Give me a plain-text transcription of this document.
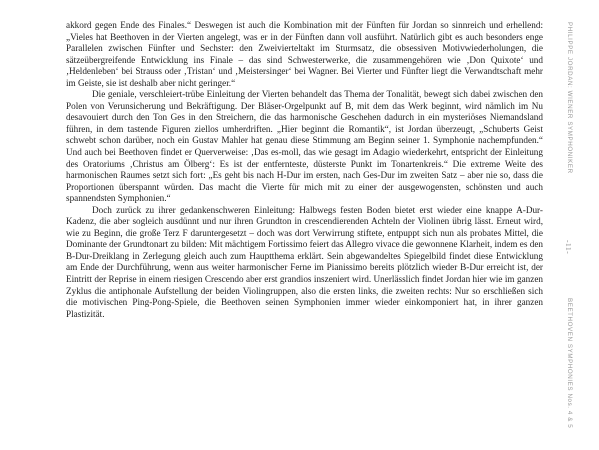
akkord gegen Ende des Finales.“ Deswegen ist auch die Kombination mit der Fünften für Jordan so sinnreich und erhellend: „Vieles hat Beethoven in der Vierten angelegt, was er in der Fünften dann voll ausführt. Natürlich gibt es auch besonders enge Parallelen zwischen Fünfter und Sechster: den Zweivierteltakt im Sturmsatz, die obsessiven Motivwiederholungen, die sätzeübergreifende Entwicklung ins Finale – das sind Schwesterwerke, die zusammengehören wie ‚Don Quixote‘ und ‚Heldenleben‘ bei Strauss oder ‚Tristan‘ und ‚Meistersinger‘ bei Wagner. Bei Vierter und Fünfter liegt die Verwandtschaft mehr im Geiste, sie ist deshalb aber nicht geringer.“

Die geniale, verschleiert-trübe Einleitung der Vierten behandelt das Thema der Tonalität, bewegt sich dabei zwischen den Polen von Verunsicherung und Bekräftigung. Der Bläser-Orgelpunkt auf B, mit dem das Werk beginnt, wird nämlich im Nu desavouiert durch den Ton Ges in den Streichern, die das harmonische Geschehen dadurch in ein mysteriöses Niemandsland führen, in dem tastende Figuren ziellos umherdriften. „Hier beginnt die Romantik“, ist Jordan überzeugt, „Schuberts Geist schwebt schon darüber, noch ein Gustav Mahler hat genau diese Stimmung am Beginn seiner 1. Symphonie nachempfunden.“ Und auch bei Beethoven findet er Querverweise: ‚Das es-moll, das wie gesagt im Adagio wiederkehrt, entspricht der Einleitung des Oratoriums ‚Christus am Ölberg‘: Es ist der entfernteste, düsterste Punkt im Tonartenkreis.“ Die extreme Weite des harmonischen Raumes setzt sich fort: „Es geht bis nach H-Dur im ersten, nach Ges-Dur im zweiten Satz – aber nie so, dass die Proportionen überspannt würden. Das macht die Vierte für mich mit zu einer der ausgewogensten, schönsten und auch spannendsten Symphonien.“

Doch zurück zu ihrer gedankenschweren Einleitung: Halbwegs festen Boden bietet erst wieder eine knappe A-Dur-Kadenz, die aber sogleich ausdünnt und nur ihren Grundton in crescendierenden Achteln der Violinen übrig lässt. Erneut wird, wie zu Beginn, die große Terz F daruntergesetzt – doch was dort Verwirrung stiftete, entpuppt sich nun als probates Mittel, die Dominante der Grundtonart zu bilden: Mit mächtigem Fortissimo feiert das Allegro vivace die gewonnene Klarheit, indem es den B-Dur-Dreiklang in Zerlegung gleich auch zum Hauptthema erklärt. Sein abgewandeltes Spiegelbild findet diese Entwicklung am Ende der Durchführung, wenn aus weiter harmonischer Ferne im Pianissimo bereits plötzlich wieder B-Dur erreicht ist, der Eintritt der Reprise in einem riesigen Crescendo aber erst grandios inszeniert wird. Unerlässlich findet Jordan hier wie im ganzen Zyklus die antiphonale Aufstellung der beiden Violingruppen, also die ersten links, die zweiten rechts: Nur so erschließen sich die motivischen Ping-Pong-Spiele, die Beethoven seinen Symphonien immer wieder einkomponiert hat, in ihrer ganzen Plastizität.

PHILIPPE JORDAN: WIENER SYMPHONIKER
BEETHOVEN SYMPHONIES Nos. 4 & 5
-11-
